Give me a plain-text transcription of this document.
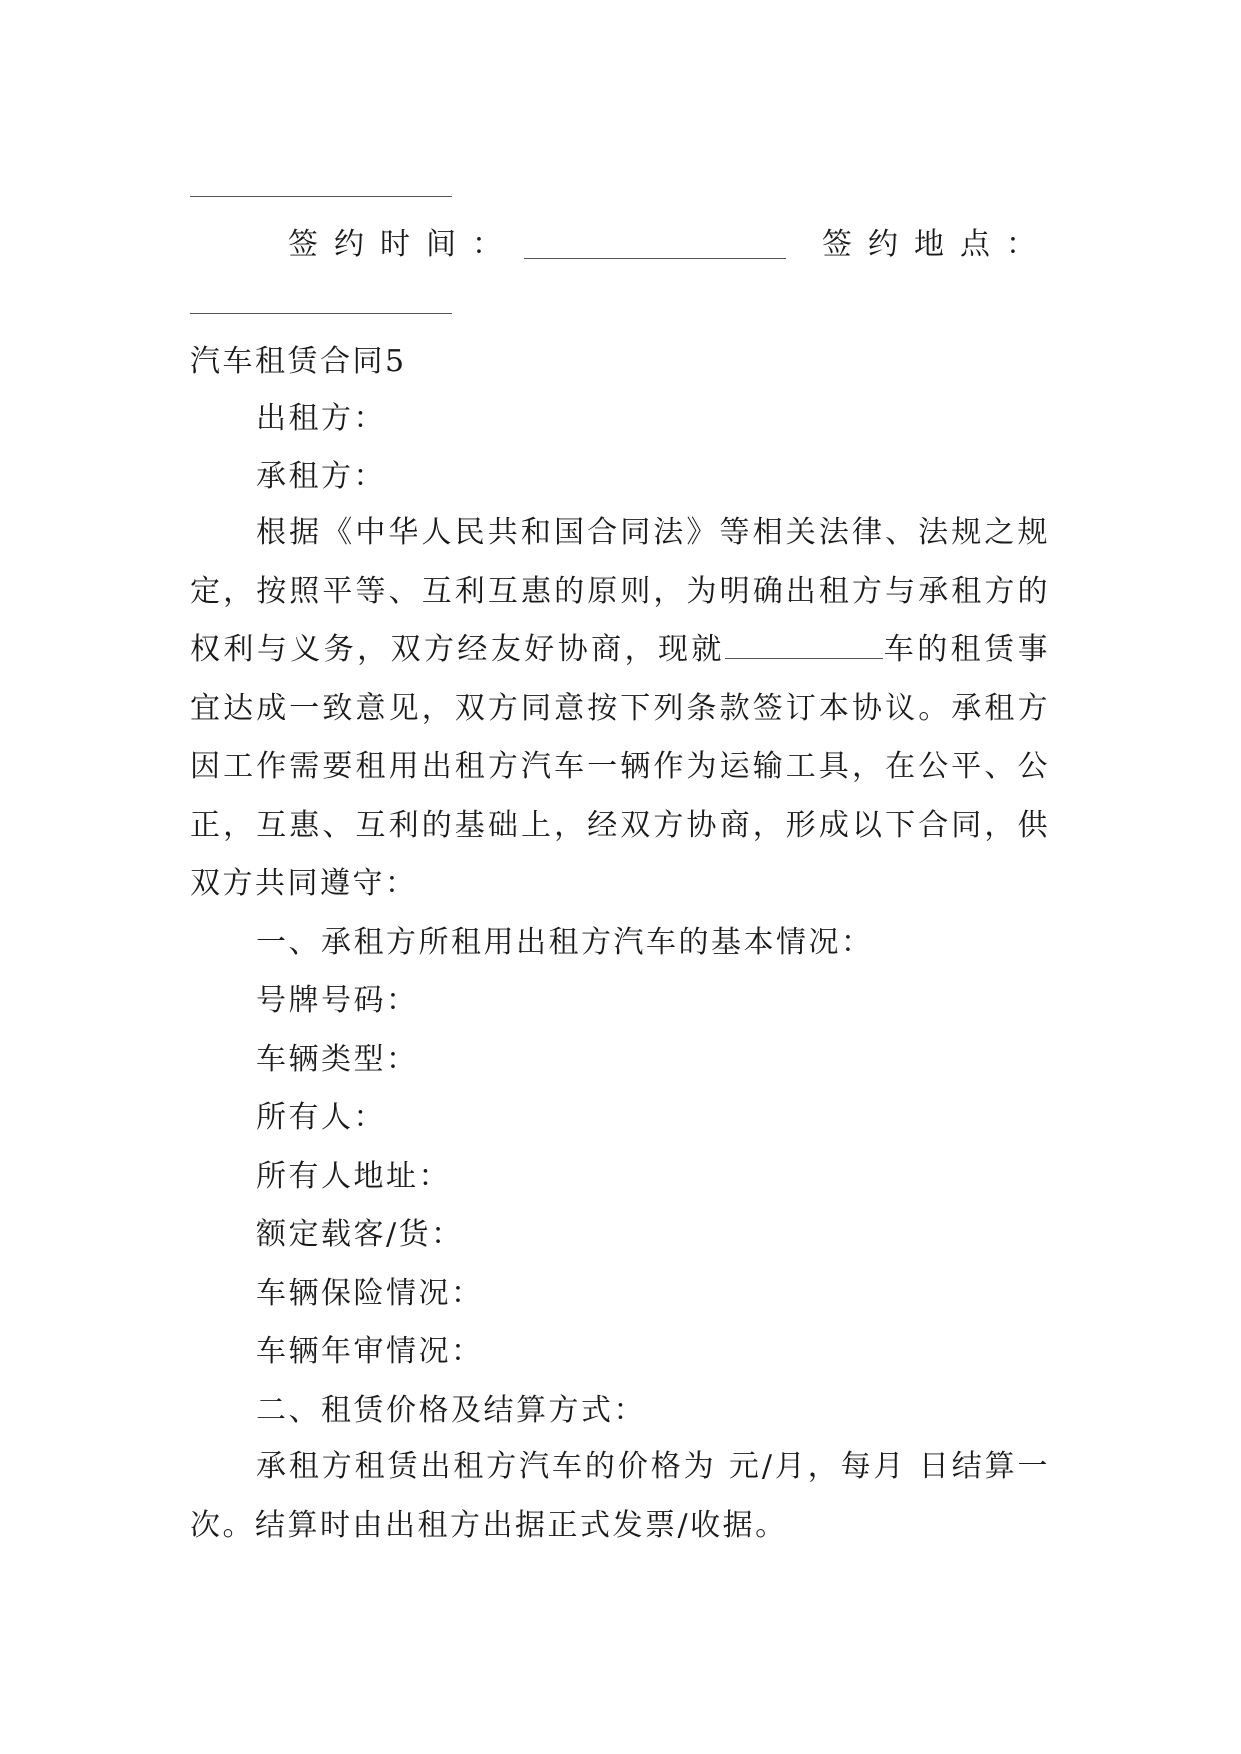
签约时间：	签约地点：
汽车租赁合同5
出租方：
承租方：
根据《中华人民共和国合同法》等相关法律、法规之规定，按照平等、互利互惠的原则，为明确出租方与承租方的权利与义务，双方经友好协商，现就	车的租赁事宜达成一致意见，双方同意按下列条款签订本协议。承租方因工作需要租用出租方汽车一辆作为运输工具，在公平、公正，互惠、互利的基础上，经双方协商，形成以下合同，供双方共同遵守：
一、承租方所租用出租方汽车的基本情况：
号牌号码：
车辆类型：
所有人：
所有人地址：
额定载客/货：
车辆保险情况：
车辆年审情况：
二、租赁价格及结算方式：
承租方租赁出租方汽车的价格为 元/月，每月 日结算一次。结算时由出租方出据正式发票/收据。
